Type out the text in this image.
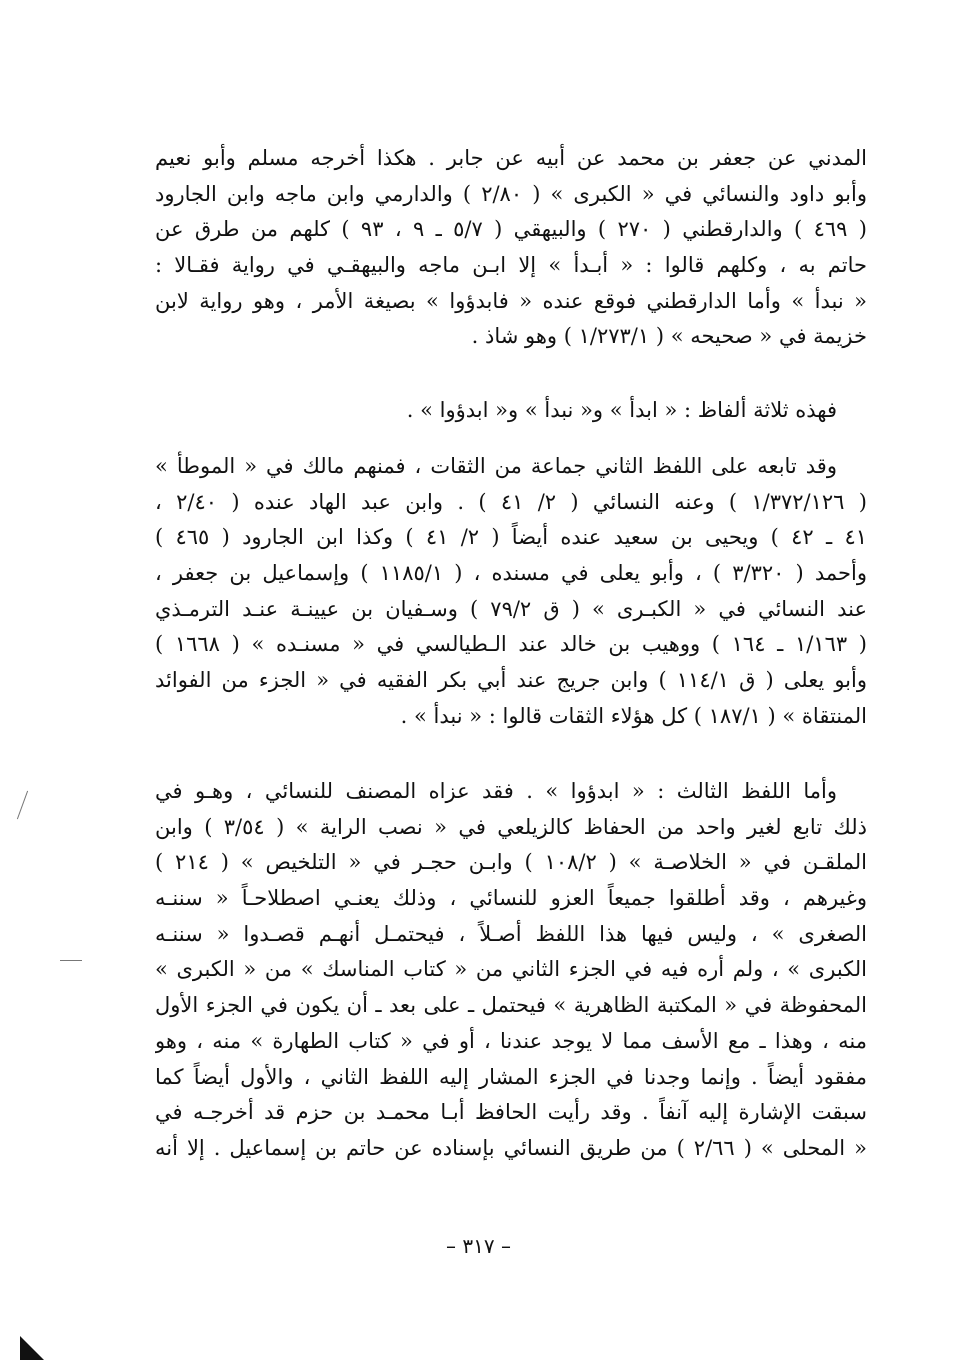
المدني عن جعفر بن محمد عن أبيه عن جابر . هكذا أخرجه مسلم وأبو نعيم
وأبو داود والنسائي في « الكبرى » ( ٢/٨٠ ) والدارمي وابن ماجه وابن الجارود
( ٤٦٩ ) والدارقطني ( ٢٧٠ ) والبيهقي ( ٥/٧ ـ ٩ ، ٩٣ ) كلهم من طرق عن
حاتم به ، وكلهم قالوا : « أبـدأ » إلا ابـن ماجه والبيهقـي في رواية فقـالا :
« نبدأ » وأما الدارقطني فوقع عنده « فابدؤوا » بصيغة الأمر ، وهو رواية لابن
خزيمة في « صحيحه » ( ١/٢٧٣/١ ) وهو شاذ .
فهذه ثلاثة ألفاظ : « ابدأ » و« نبدأ » و« ابدؤوا » .
وقد تابعه على اللفظ الثاني جماعة من الثقات ، فمنهم مالك في « الموطأ »
( ١/٣٧٢/١٢٦ ) وعنه النسائي ( ٢/ ٤١ ) . وابن عبد الهاد عنده ( ٢/٤٠ ،
٤١ ـ ٤٢ ) ويحيى بن سعيد عنده أيضاً ( ٢/ ٤١ ) وكذا ابن الجارود ( ٤٦٥ )
وأحمد ( ٣/٣٢٠ ) ، وأبو يعلى في مسنده ، ( ١١٨٥/١ ) وإسماعيل بن جعفر ،
عند النسائي في « الكبـرى » ( ق ٧٩/٢ ) وسـفيان بن عيينـة عنـد الترمـذي
( ١/١٦٣ ـ ١٦٤ ) ووهيب بن خالد عند الـطيالسي في « مسنـده » ( ١٦٦٨ )
وأبو يعلى ( ق ١١٤/١ ) وابن جريج عند أبي بكر الفقيه في « الجزء من الفوائد
المنتقاة » ( ١٨٧/١ ) كل هؤلاء الثقات قالوا : « نبدأ » .
وأما اللفظ الثالث : « ابدؤوا » . فقد عزاه المصنف للنسائي ، وهـو في
ذلك تابع لغير واحد من الحفاظ كالزيلعي في « نصب الراية » ( ٣/٥٤ ) وابن
الملقـن في « الخلاصـة » ( ١٠٨/٢ ) وابـن حجـر في « التلخيص » ( ٢١٤ )
وغيرهم ، وقد أطلقوا جميعاً العزو للنسائي ، وذلك يعنـي اصطلاحـاً « سننـه
الصغرى » ، وليس فيها هذا اللفظ أصـلاً ، فيحتمـل أنهـم قصـدوا « سننـه
الكبرى » ، ولم أره فيه في الجزء الثاني من « كتاب المناسك » من « الكبرى »
المحفوظة في « المكتبة الظاهرية » فيحتمل ـ على بعد ـ أن يكون في الجزء الأول
منه ، وهذا ـ مع الأسف مما لا يوجد عندنا ، أو في « كتاب الطهارة » منه ، وهو
مفقود أيضاً . وإنما وجدنا في الجزء المشار إليه اللفظ الثاني ، والأول أيضاً كما
سبقت الإشارة إليه آنفاً . وقد رأيت الحافظ أبـا محمـد بن حزم قد أخرجـه في
« المحلى » ( ٢/٦٦ ) من طريق النسائي بإسناده عن حاتم بن إسماعيل . إلا أنه
– ٣١٧ –
